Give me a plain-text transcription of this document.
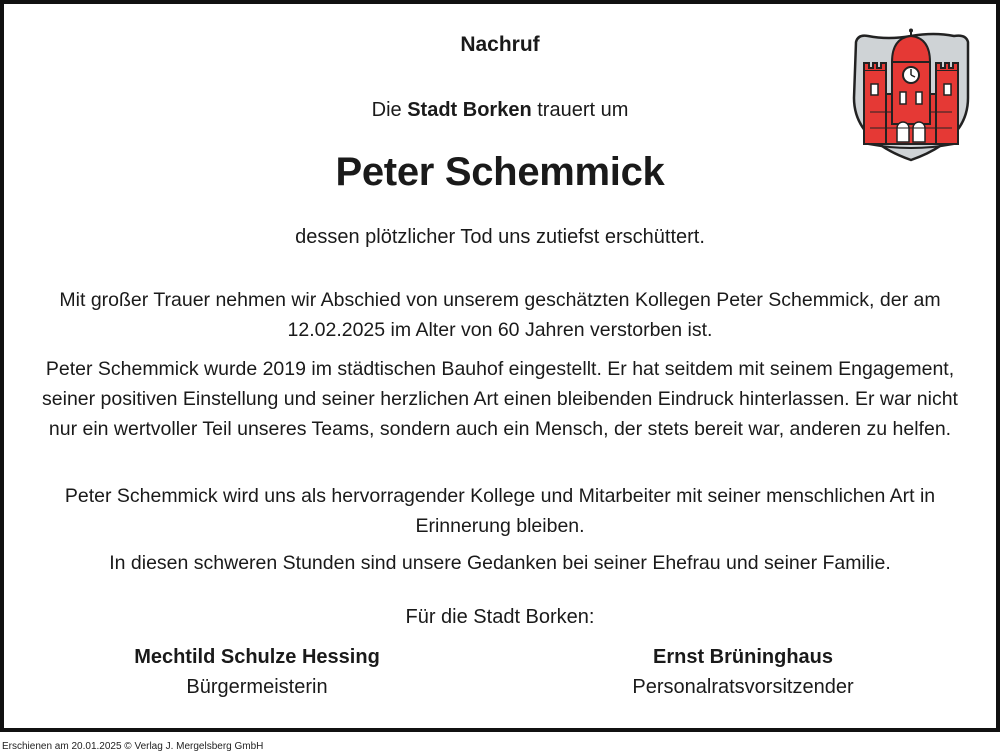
Nachruf
Die Stadt Borken trauert um
Peter Schemmick
dessen plötzlicher Tod uns zutiefst erschüttert.
Mit großer Trauer nehmen wir Abschied von unserem geschätzten Kollegen Peter Schemmick, der am 12.02.2025 im Alter von 60 Jahren verstorben ist.
Peter Schemmick wurde 2019 im städtischen Bauhof eingestellt. Er hat seitdem mit seinem Engagement, seiner positiven Einstellung und seiner herzlichen Art einen bleibenden Eindruck hinterlassen. Er war nicht nur ein wertvoller Teil unseres Teams, sondern auch ein Mensch, der stets bereit war, anderen zu helfen.
Peter Schemmick wird uns als hervorragender Kollege und Mitarbeiter mit seiner menschlichen Art in Erinnerung bleiben.
In diesen schweren Stunden sind unsere Gedanken bei seiner Ehefrau und seiner Familie.
Für die Stadt Borken:
Mechtild Schulze Hessing
Bürgermeisterin
Ernst Brüninghaus
Personalratsvorsitzender
Erschienen am 20.01.2025 © Verlag J. Mergelsberg GmbH
